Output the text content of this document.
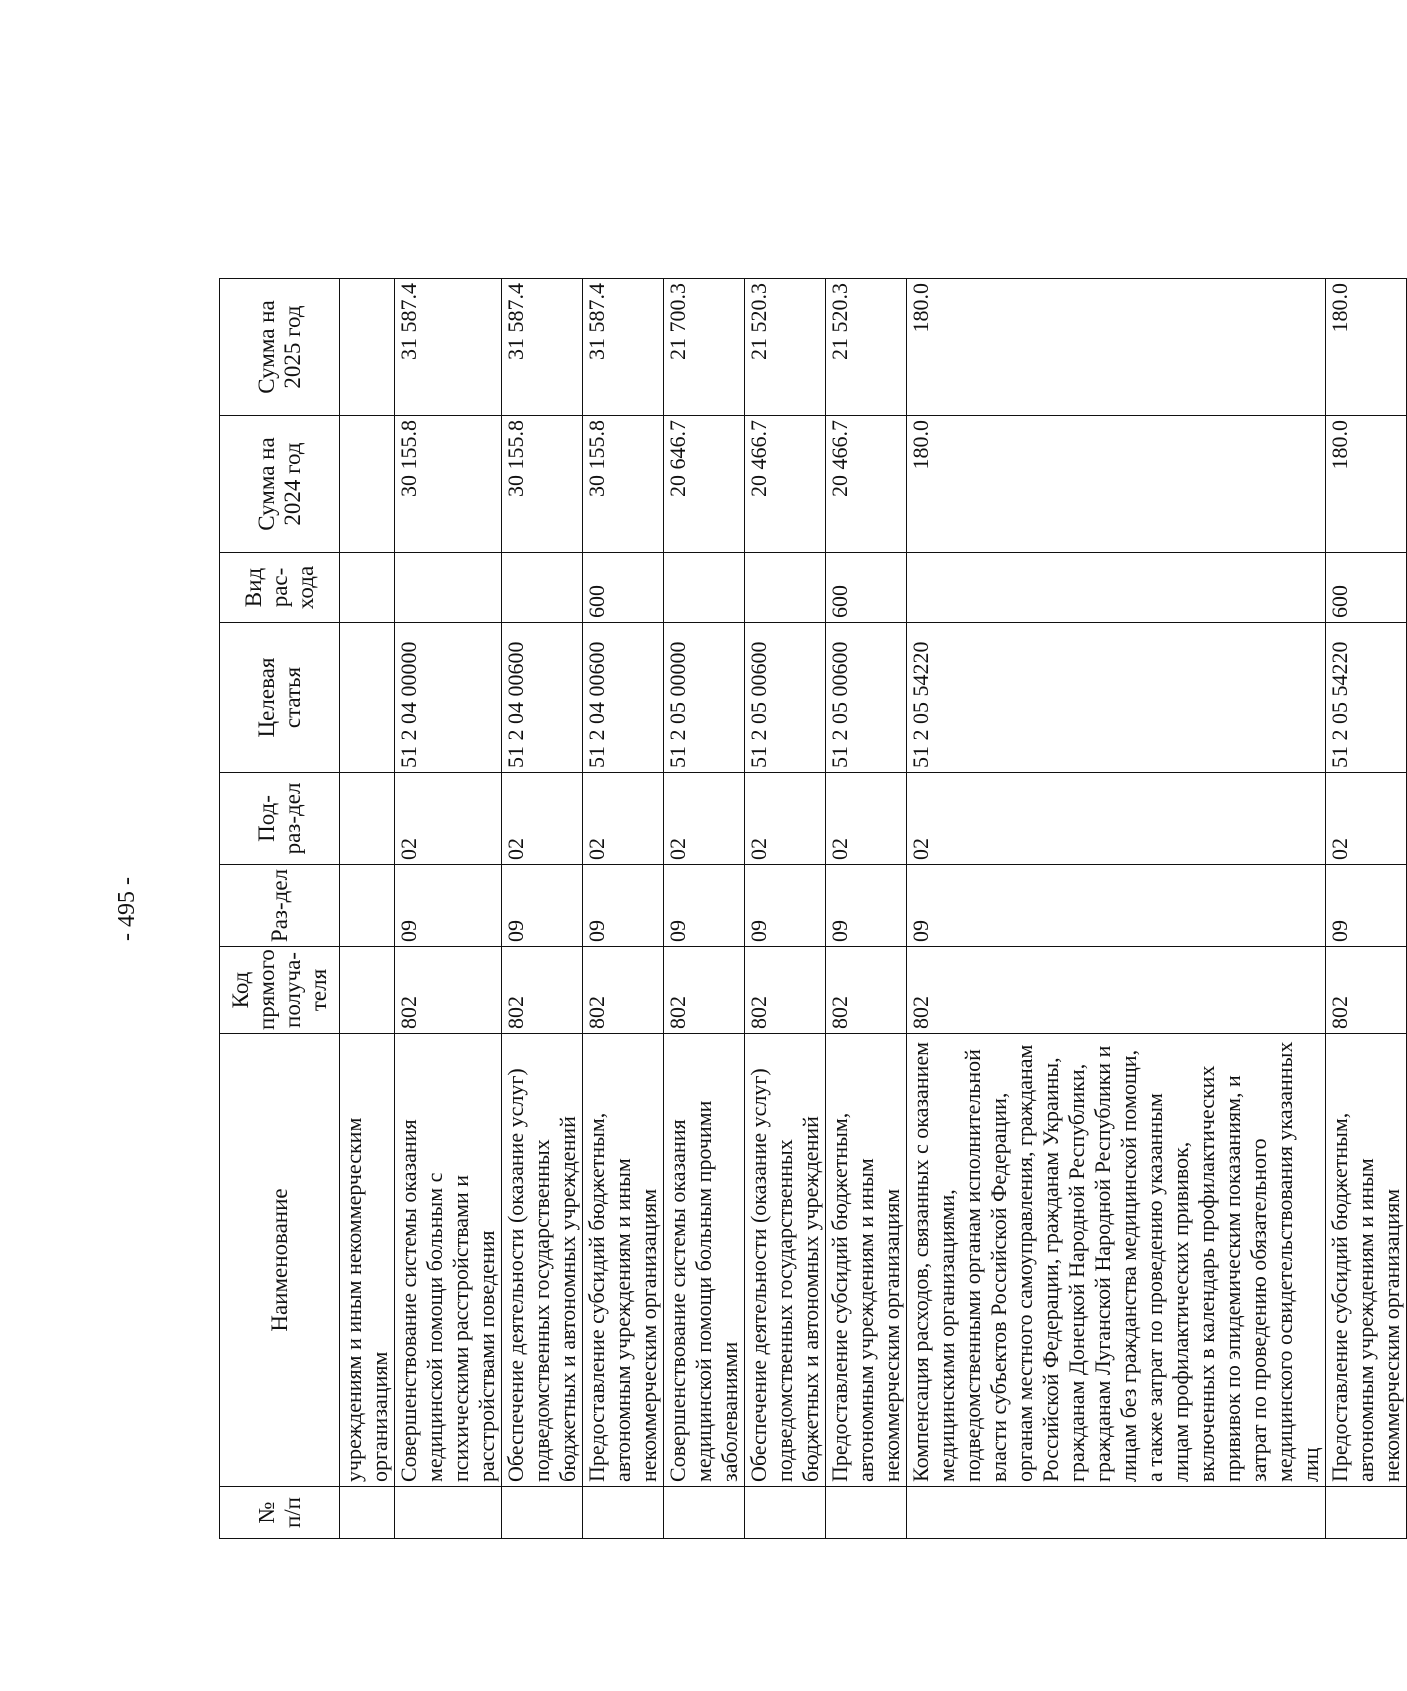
- 495 -
№ п/п	Наименование	Код прямого получа-теля	Раз-дел	Под-раз-дел	Целевая статья	Вид рас-хода	Сумма на 2024 год	Сумма на 2025 год
	учреждениям и иным некоммерческим организациям							
	Совершенствование системы оказания медицинской помощи больным с психическими расстройствами и расстройствами поведения	802	09	02	51 2 04 00000		30 155.8	31 587.4
	Обеспечение деятельности (оказание услуг) подведомственных государственных бюджетных и автономных учреждений	802	09	02	51 2 04 00600		30 155.8	31 587.4
	Предоставление субсидий бюджетным, автономным учреждениям и иным некоммерческим организациям	802	09	02	51 2 04 00600	600	30 155.8	31 587.4
	Совершенствование системы оказания медицинской помощи больным прочими заболеваниями	802	09	02	51 2 05 00000		20 646.7	21 700.3
	Обеспечение деятельности (оказание услуг) подведомственных государственных бюджетных и автономных учреждений	802	09	02	51 2 05 00600		20 466.7	21 520.3
	Предоставление субсидий бюджетным, автономным учреждениям и иным некоммерческим организациям	802	09	02	51 2 05 00600	600	20 466.7	21 520.3
	Компенсация расходов, связанных с оказанием медицинскими организациями, подведомственными органам исполнительной власти субъектов Российской Федерации, органам местного самоуправления, гражданам Российской Федерации, гражданам Украины, гражданам Донецкой Народной Республики, гражданам Луганской Народной Республики и лицам без гражданства медицинской помощи, а также затрат по проведению указанным лицам профилактических прививок, включенных в календарь профилактических прививок по эпидемическим показаниям, и затрат по проведению обязательного медицинского освидетельствования указанных лиц	802	09	02	51 2 05 54220		180.0	180.0
	Предоставление субсидий бюджетным, автономным учреждениям и иным некоммерческим организациям	802	09	02	51 2 05 54220	600	180.0	180.0
